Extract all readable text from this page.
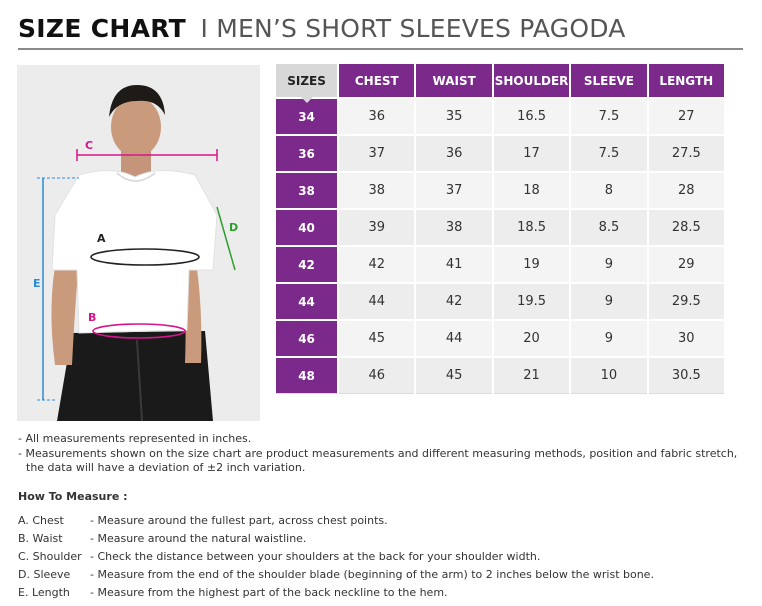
SIZE CHART I MEN’S SHORT SLEEVES PAGODA
C
D
A
B
E
SIZES	CHEST	WAIST	SHOULDER	SLEEVE	LENGTH
34	36	35	16.5	7.5	27
36	37	36	17	7.5	27.5
38	38	37	18	8	28
40	39	38	18.5	8.5	28.5
42	42	41	19	9	29
44	44	42	19.5	9	29.5
46	45	44	20	9	30
48	46	45	21	10	30.5

- All measurements represented in inches.

- Measurements shown on the size chart are product measurements and different measuring methods, position and fabric stretch, the data will have a deviation of ±2 inch variation.

How To Measure :

A. Chest	- Measure around the fullest part, across chest points.
B. Waist	- Measure around the natural waistline.
C. Shoulder - Check the distance between your shoulders at the back for your shoulder width.
D. Sleeve	- Measure from the end of the shoulder blade (beginning of the arm) to 2 inches below the wrist bone.
E. Length	- Measure from the highest part of the back neckline to the hem.
